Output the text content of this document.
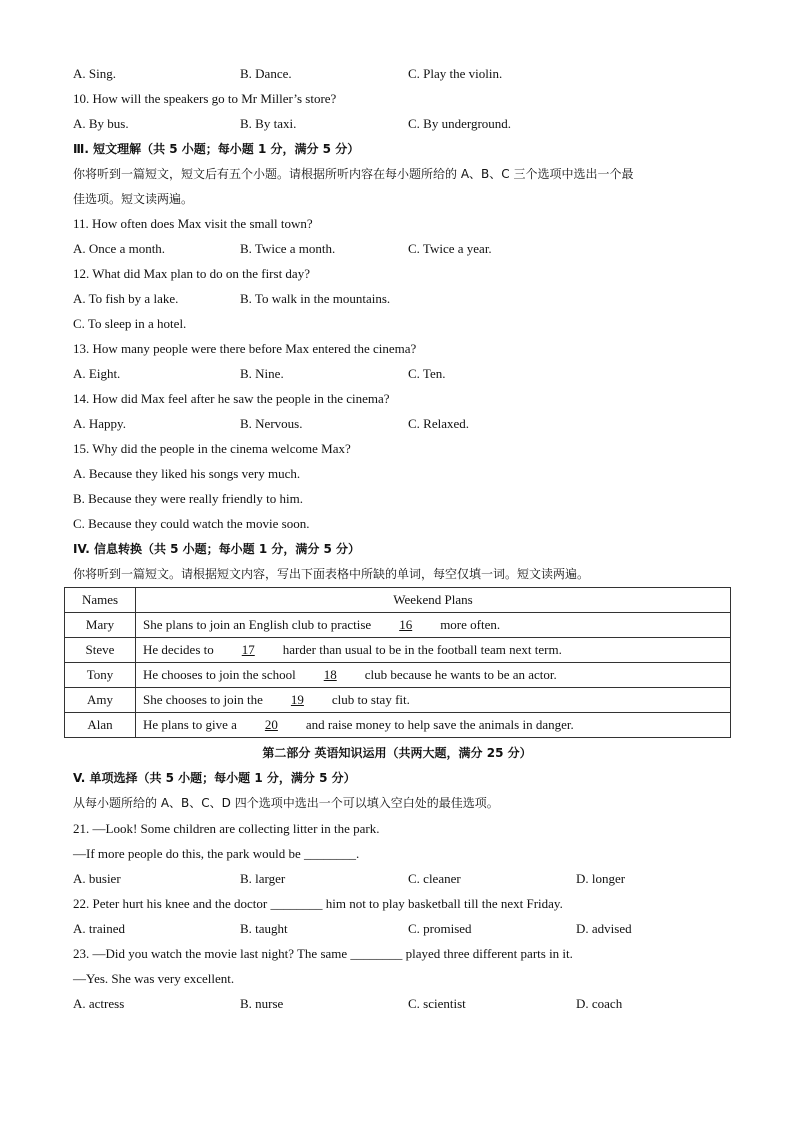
A. Sing.	B. Dance.	C. Play the violin.
10. How will the speakers go to Mr Miller’s store?
A. By bus.	B. By taxi.	C. By underground.
Ⅲ. 短文理解（共 5 小题；每小题 1 分，满分 5 分）
你将听到一篇短文，短文后有五个小题。请根据所听内容在每小题所给的 A、B、C 三个选项中选出一个最
佳选项。短文读两遍。
11. How often does Max visit the small town?
A. Once a month.	B. Twice a month.	C. Twice a year.
12. What did Max plan to do on the first day?
A. To fish by a lake.	B. To walk in the mountains.
C. To sleep in a hotel.
13. How many people were there before Max entered the cinema?
A. Eight.	B. Nine.	C. Ten.
14. How did Max feel after he saw the people in the cinema?
A. Happy.	B. Nervous.	C. Relaxed.
15. Why did the people in the cinema welcome Max?
A. Because they liked his songs very much.
B. Because they were really friendly to him.
C. Because they could watch the movie soon.
IV. 信息转换（共 5 小题；每小题 1 分，满分 5 分）
你将听到一篇短文。请根据短文内容，写出下面表格中所缺的单词，每空仅填一词。短文读两遍。
Names	Weekend Plans
Mary	She plans to join an English club to practise 16 more often.
Steve	He decides to 17 harder than usual to be in the football team next term.
Tony	He chooses to join the school 18 club because he wants to be an actor.
Amy	She chooses to join the 19 club to stay fit.
Alan	He plans to give a 20 and raise money to help save the animals in danger.
第二部分 英语知识运用（共两大题，满分 25 分）
V. 单项选择（共 5 小题；每小题 1 分，满分 5 分）
从每小题所给的 A、B、C、D 四个选项中选出一个可以填入空白处的最佳选项。
21. —Look! Some children are collecting litter in the park.
—If more people do this, the park would be ________.
A. busier	B. larger	C. cleaner	D. longer
22. Peter hurt his knee and the doctor ________ him not to play basketball till the next Friday.
A. trained	B. taught	C. promised	D. advised
23. —Did you watch the movie last night? The same ________ played three different parts in it.
—Yes. She was very excellent.
A. actress	B. nurse	C. scientist	D. coach
